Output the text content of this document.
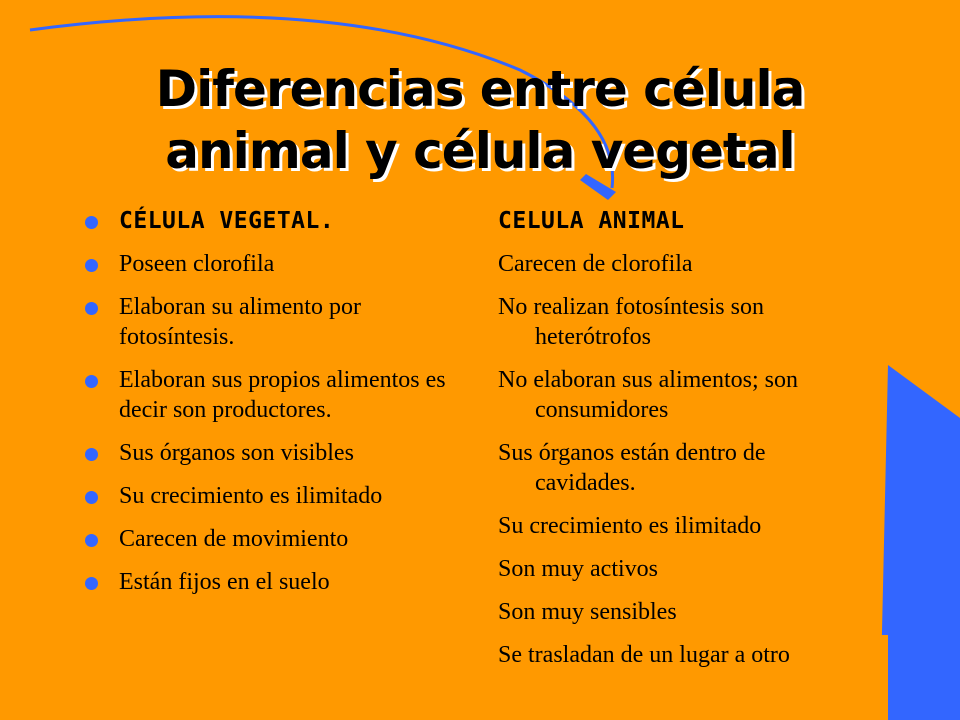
Diferencias entre célula animal y célula vegetal
CÉLULA VEGETAL.
Poseen clorofila
Elaboran su alimento por fotosíntesis.
Elaboran sus propios alimentos es decir son productores.
Sus órganos son visibles
Su crecimiento es ilimitado
Carecen de movimiento
Están fijos en el suelo
CELULA ANIMAL
Carecen de clorofila
No realizan fotosíntesis son heterótrofos
No elaboran sus alimentos; son consumidores
Sus órganos están dentro de cavidades.
Su crecimiento es ilimitado
Son muy activos
Son muy sensibles
Se trasladan de un lugar a otro
